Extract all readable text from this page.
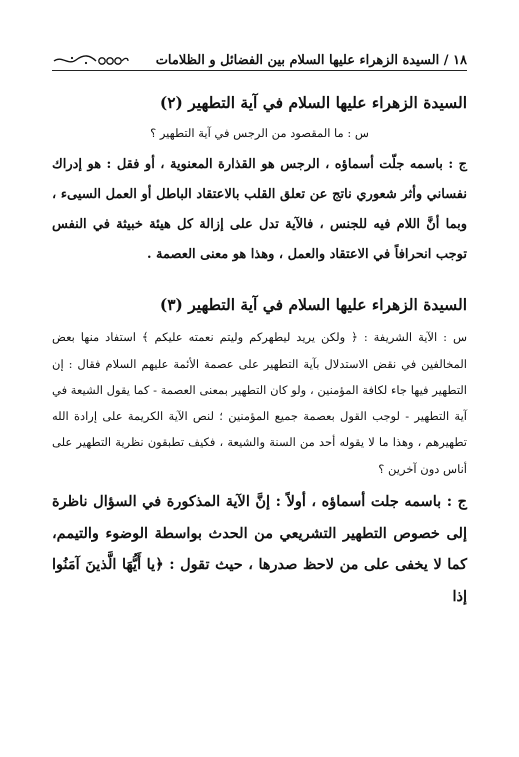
١٨ / السيدة الزهراء عليها السلام بين الفضائل و الظلامات
السيدة الزهراء عليها السلام في آية التطهير (٢)

س : ما المقصود من الرجس في آية التطهير ؟

ج : باسمه جلّت أسماؤه ، الرجس هو القذارة المعنوية ، أو فقل : هو إدراك نفساني وأثر شعوري ناتج عن تعلق القلب بالاعتقاد الباطل أو العمل السيىء ، وبما أنَّ اللام فيه للجنس ، فالآية تدل على إزالة كل هيئة خبيثة في النفس توجب انحرافاً في الاعتقاد والعمل ، وهذا هو معنى العصمة .

السيدة الزهراء عليها السلام في آية التطهير (٣)

س : الآية الشريفة : ﴿ ولكن يريد ليطهركم وليتم نعمته عليكم ﴾ استفاد منها بعض المخالفين في نقض الاستدلال بآية التطهير على عصمة الأئمة عليهم السلام فقال : إن التطهير فيها جاء لكافة المؤمنين ، ولو كان التطهير بمعنى العصمة - كما يقول الشيعة في آية التطهير - لوجب القول بعصمة جميع المؤمنين ؛ لنص الآية الكريمة على إرادة الله تطهيرهم ، وهذا ما لا يقوله أحد من السنة والشيعة ، فكيف تطبقون نظرية التطهير على أناس دون آخرين ؟

ج : باسمه جلت أسماؤه ، أولاً : إنَّ الآية المذكورة في السؤال ناظرة إلى خصوص التطهير التشريعي من الحدث بواسطة الوضوء والتيمم، كما لا يخفى على من لاحظ صدرها ، حيث تقول : ﴿يا أَيُّهَا الَّذينَ آمَنُوا إذا
